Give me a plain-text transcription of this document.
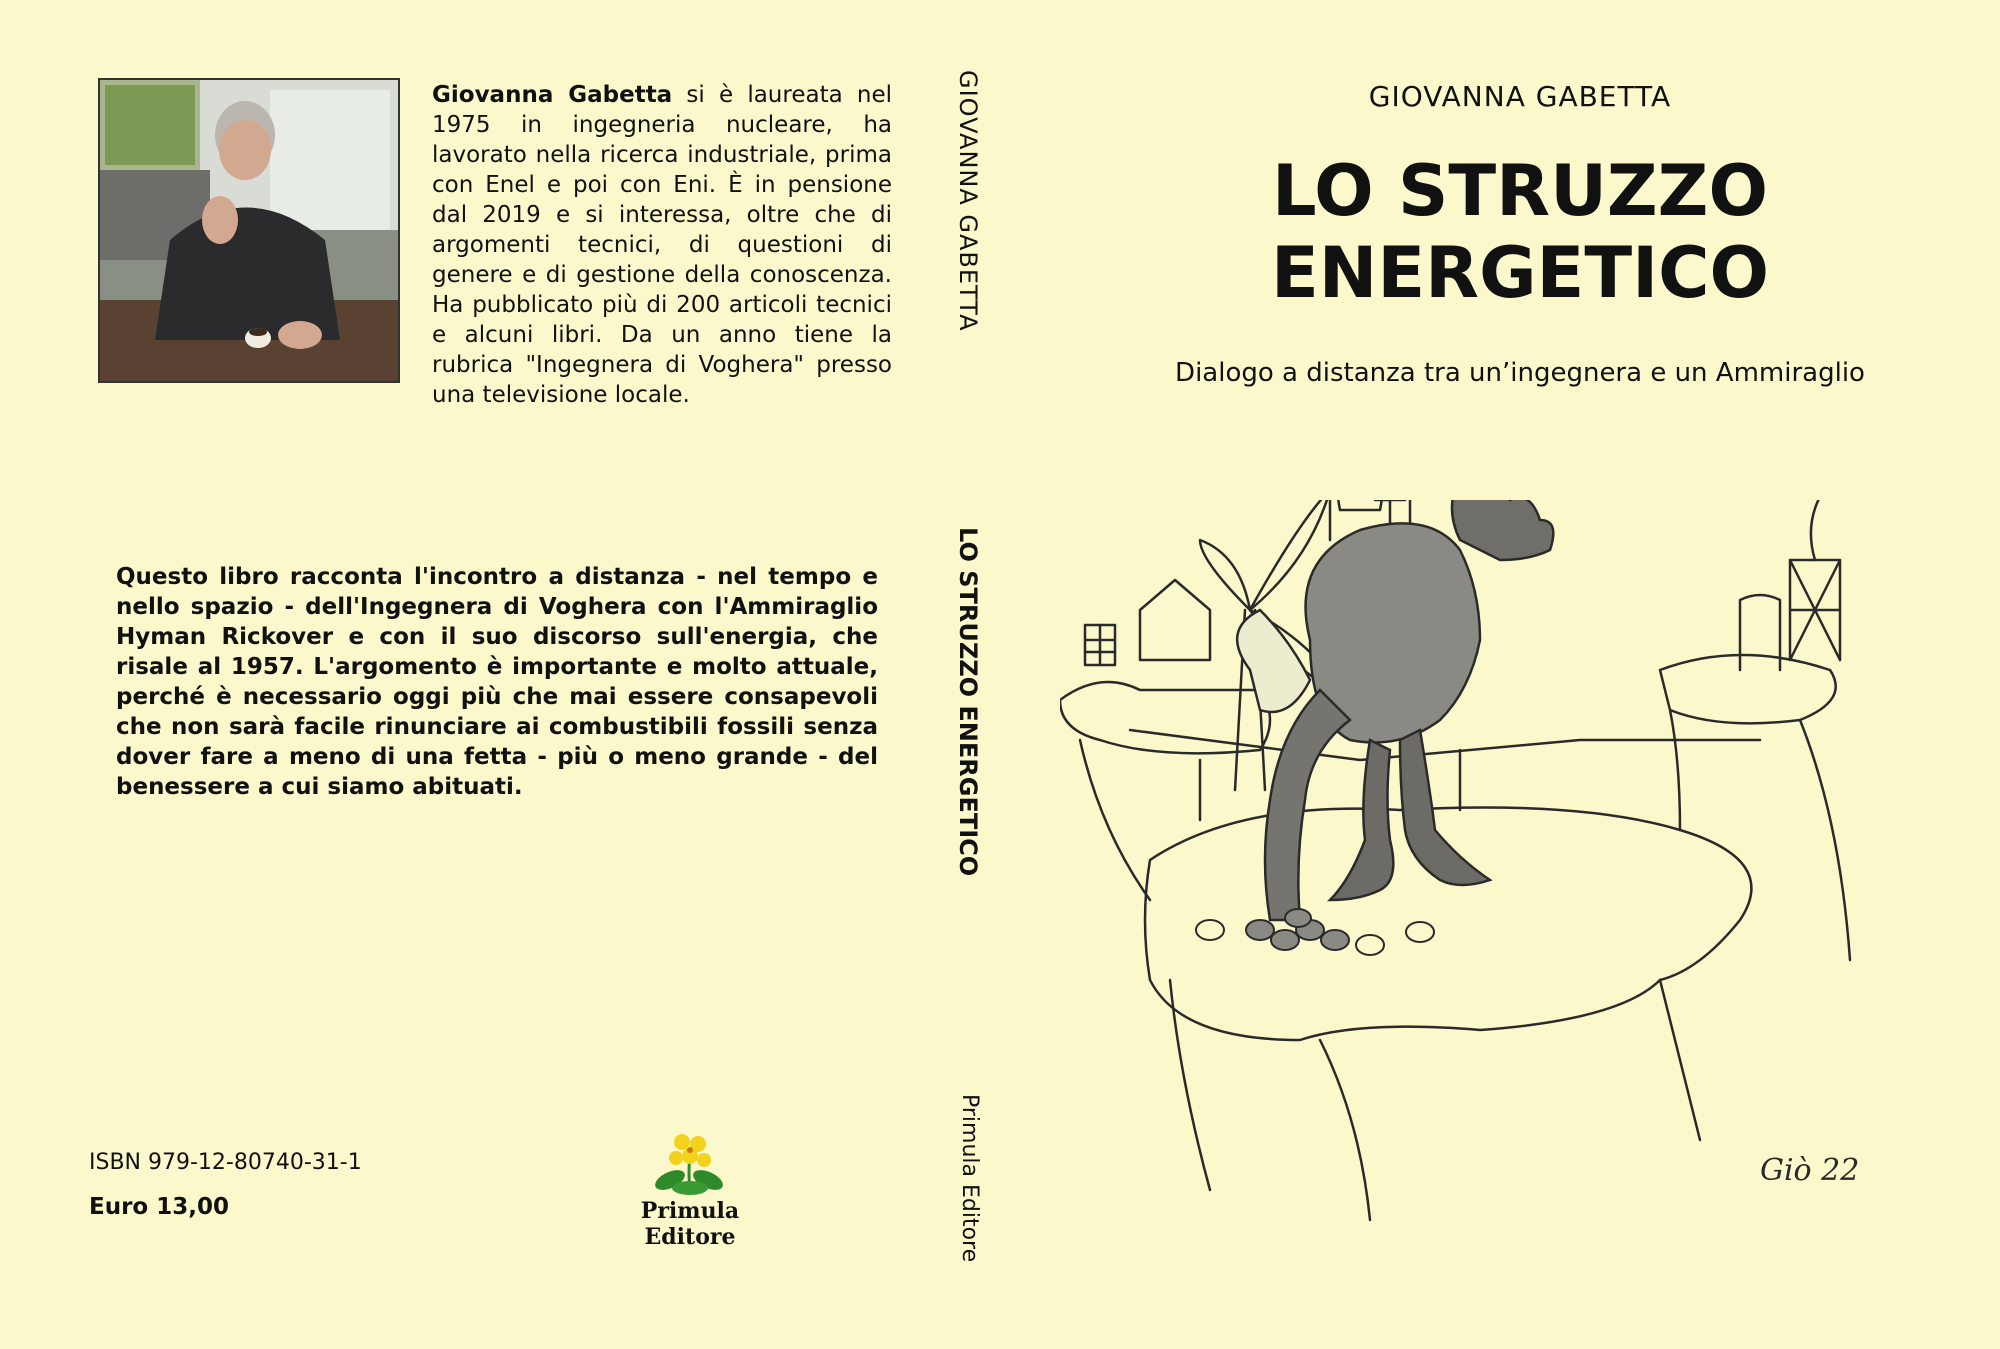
Giovanna Gabetta si è laureata nel 1975 in ingegneria nucleare, ha lavorato nella ricerca industriale, prima con Enel e poi con Eni. È in pensione dal 2019 e si interessa, oltre che di argomenti tecnici, di questioni di genere e di gestione della conoscenza. Ha pubblicato più di 200 articoli tecnici e alcuni libri. Da un anno tiene la rubrica "Ingegnera di Voghera" presso una televisione locale.

Questo libro racconta l'incontro a distanza - nel tempo e nello spazio - dell'Ingegnera di Voghera con l'Ammiraglio Hyman Rickover e con il suo discorso sull'energia, che risale al 1957. L'argomento è importante e molto attuale, perché è necessario oggi più che mai essere consapevoli che non sarà facile rinunciare ai combustibili fossili senza dover fare a meno di una fetta - più o meno grande - del benessere a cui siamo abituati.

ISBN 979-12-80740-31-1
Euro 13,00	Primula Editore
GIOVANNA GABETTA
LO STRUZZO ENERGETICO
Primula Editore
GIOVANNA GABETTA
LO STRUZZO
ENERGETICO
Dialogo a distanza tra un’ingegnera e un Ammiraglio
Giò 22
